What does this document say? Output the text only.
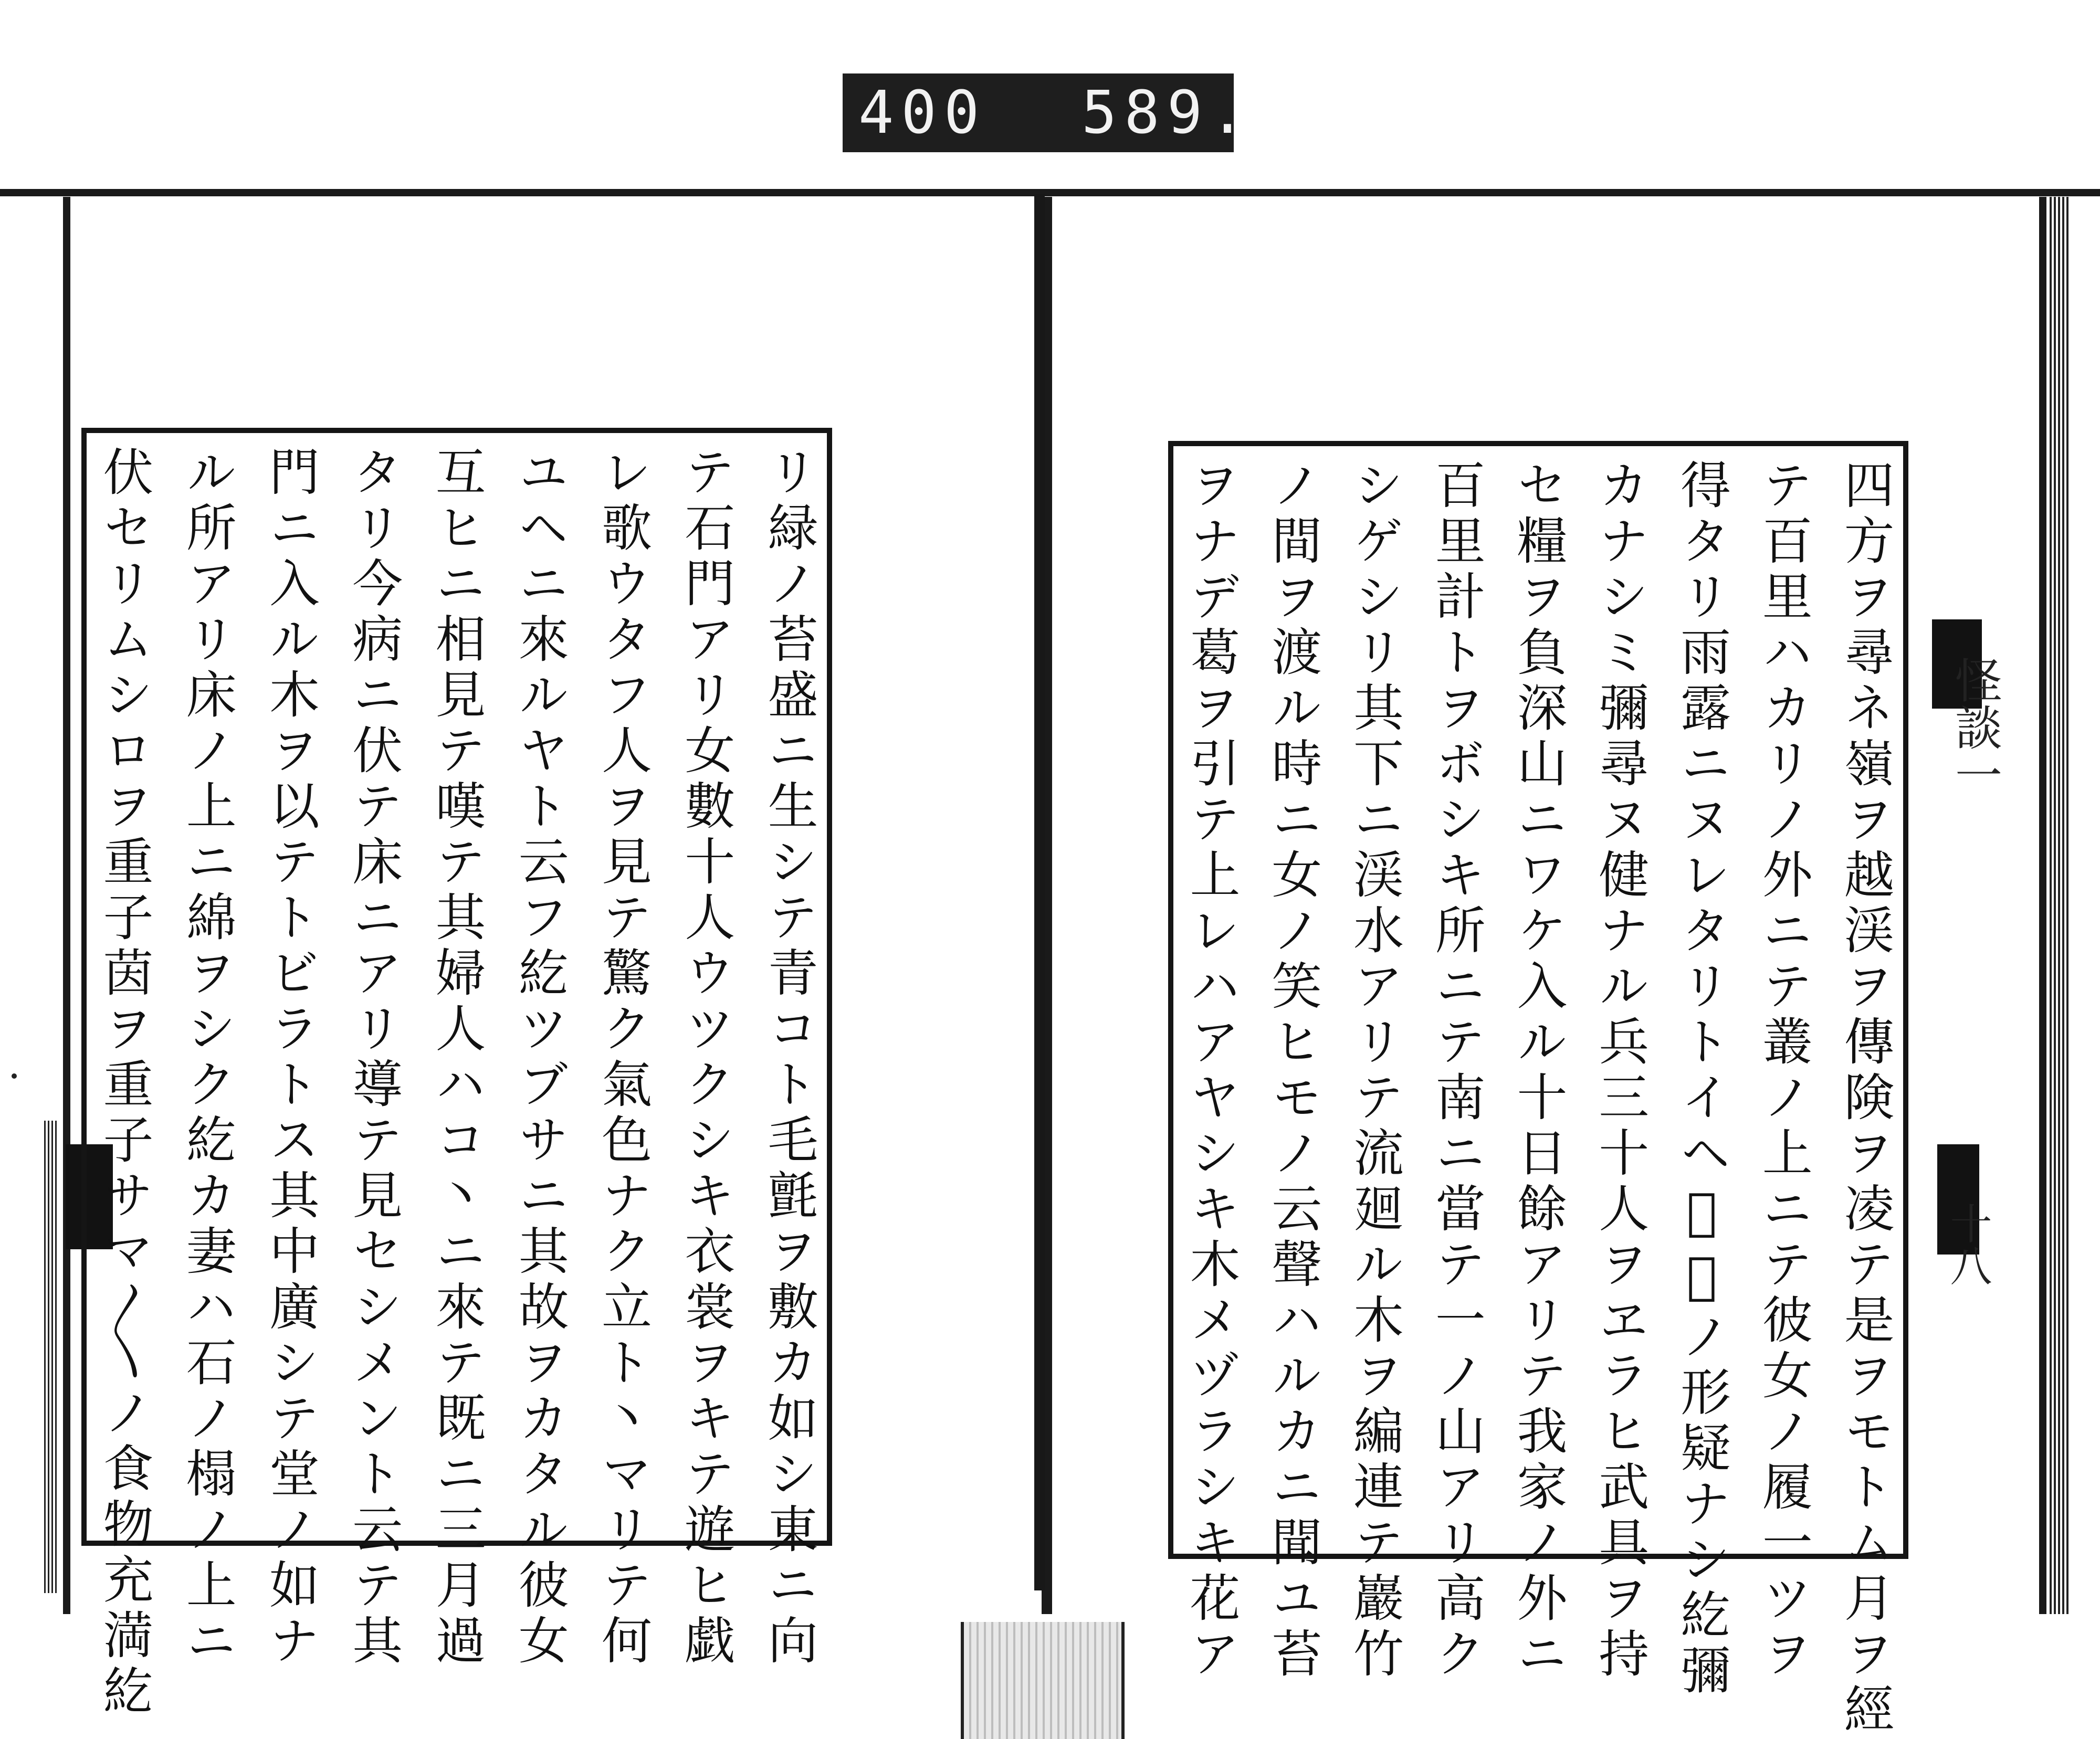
400 589.
リ緑ノ苔盛ニ生シテ青コト毛氈ヲ敷カ如シ東ニ向
テ石門アリ女數十人ウツクシキ衣裳ヲキテ遊ヒ戯
レ歌ウタフ人ヲ見テ驚ク氣色ナク立ト丶マリテ何
ユヘニ來ルヤト云フ紇ツブサニ其故ヲカタル彼女
互ヒニ相見テ嘆テ其婦人ハコ丶ニ來テ既ニ三月過
タリ今病ニ伏テ床ニアリ導テ見セシメント云テ其
門ニ入ル木ヲ以テトビラトス其中廣シテ堂ノ如ナ
ル所アリ床ノ上ニ綿ヲシク紇カ妻ハ石ノ榻ノ上ニ
伏セリムシロヲ重子茵ヲ重子サマ〳〵ノ食物充満紇	四方ヲ尋ネ嶺ヲ越渓ヲ傳険ヲ凌テ是ヲモトム月ヲ經
テ百里ハカリノ外ニテ叢ノ上ニテ彼女ノ履一ツヲ
得タリ雨露ニヌレタリトイヘ𪜈履ノ形疑ナシ紇彌
カナシミ彌尋ヌ健ナル兵三十人ヲヱラヒ武具ヲ持
セ糧ヲ負深山ニワケ入ル十日餘アリテ我家ノ外ニ
百里計トヲボシキ所ニテ南ニ當テ一ノ山アリ高ク
シゲシリ其下ニ渓水アリテ流廻ル木ヲ編連テ巖竹
ノ間ヲ渡ル時ニ女ノ笑ヒモノ云聲ハルカニ聞ユ苔
ヲナデ葛ヲ引テ上レハアヤシキ木メヅラシキ花ア	怪談一
十八
